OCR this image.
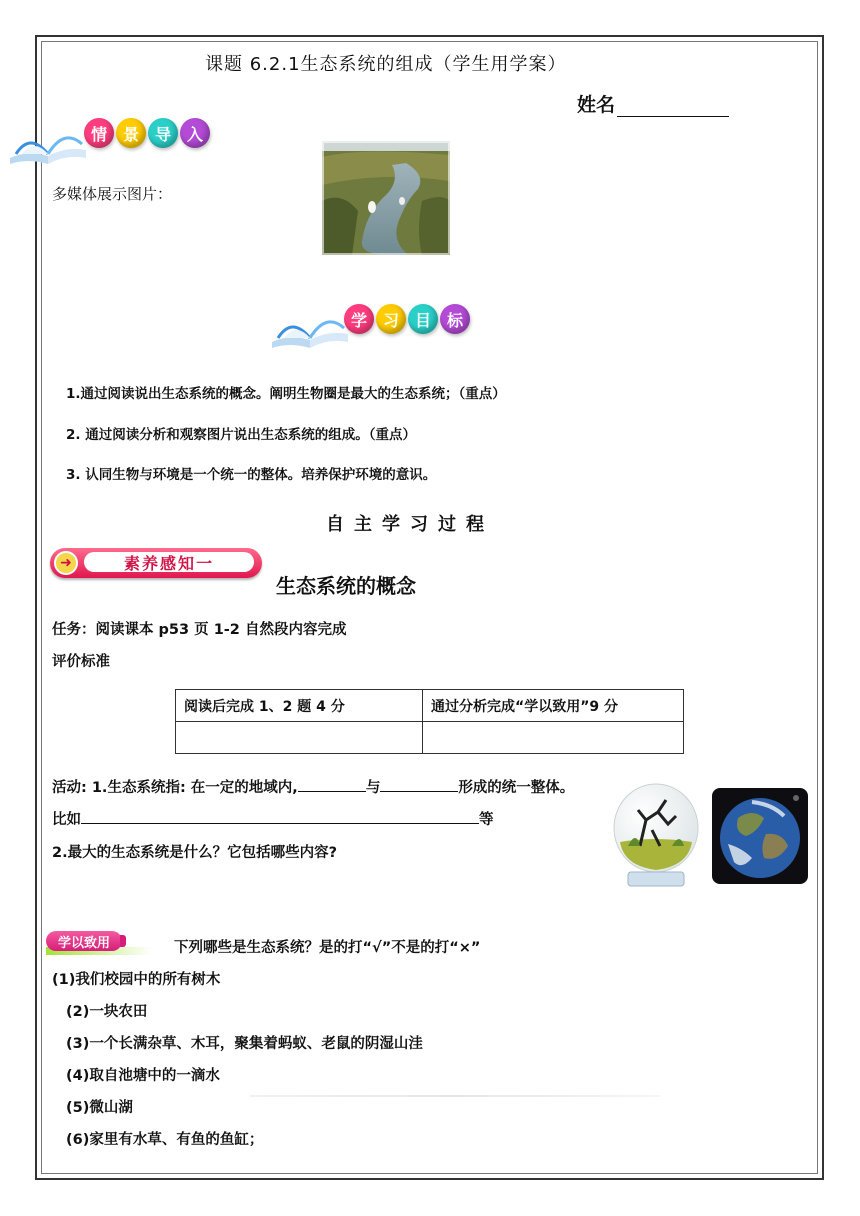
课题 6.2.1生态系统的组成（学生用学案）
姓名
情 景 导 入
多媒体展示图片：
学 习 目 标
1.通过阅读说出生态系统的概念。阐明生物圈是最大的生态系统；（重点）
2. 通过阅读分析和观察图片说出生态系统的组成。（重点）
3. 认同生物与环境是一个统一的整体。培养保护环境的意识。
自主学习过程
➜	素养感知一
生态系统的概念
任务：阅读课本 p53 页 1-2 自然段内容完成
评价标准
阅读后完成 1、2 题 4 分	通过分析完成“学以致用”9 分

活动: 1.生态系统指: 在一定的地域内,	与	形成的统一整体。
比如	等
2.最大的生态系统是什么？它包括哪些内容?
学以致用	下列哪些是生态系统？是的打“√”不是的打“×”
(1)我们校园中的所有树木
(2)一块农田
(3)一个长满杂草、木耳，聚集着蚂蚁、老鼠的阴湿山洼
(4)取自池塘中的一滴水
(5)微山湖
(6)家里有水草、有鱼的鱼缸；
